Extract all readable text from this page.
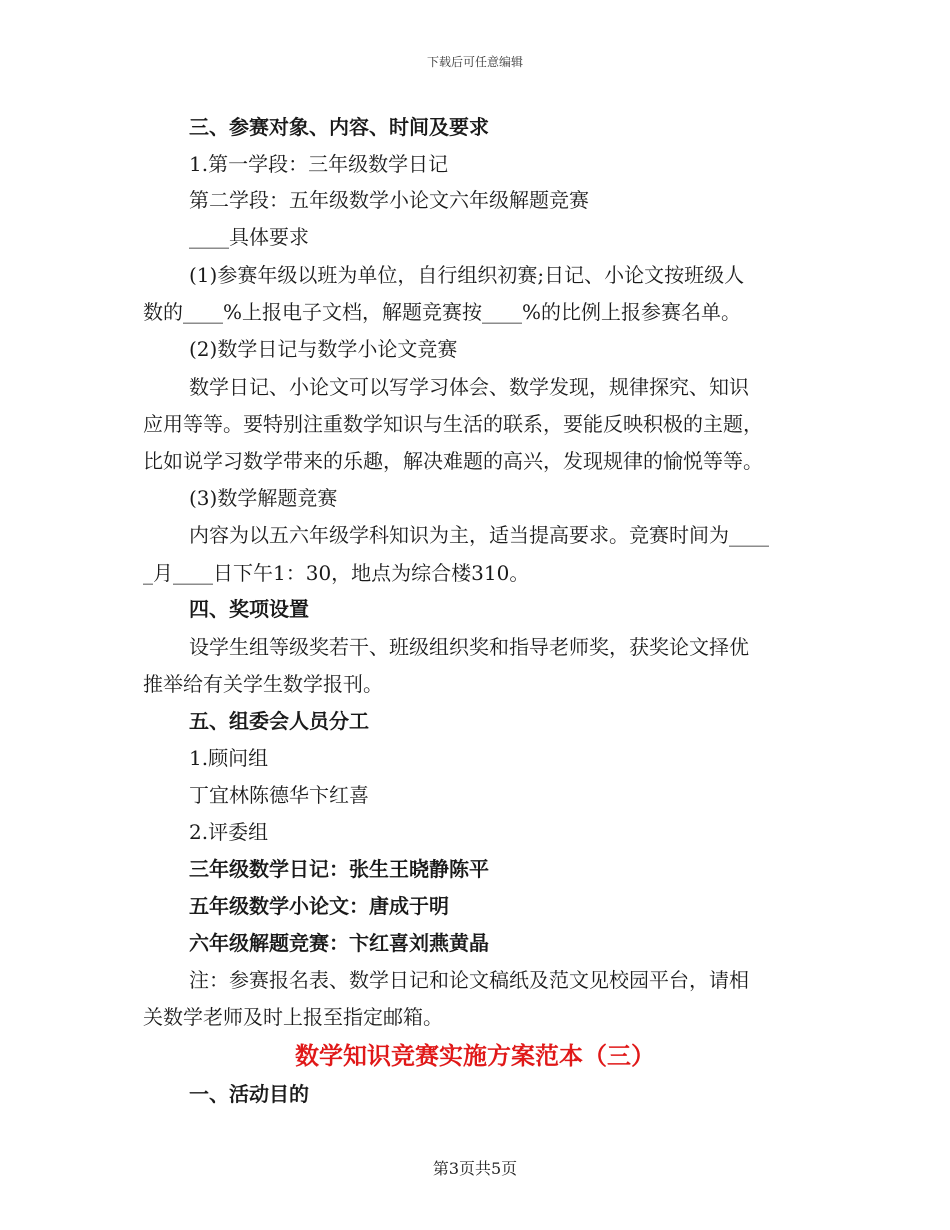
下载后可任意编辑
三、参赛对象、内容、时间及要求
1.第一学段：三年级数学日记
第二学段：五年级数学小论文六年级解题竞赛
____具体要求
(1)参赛年级以班为单位，自行组织初赛;日记、小论文按班级人
数的____%上报电子文档，解题竞赛按____%的比例上报参赛名单。
(2)数学日记与数学小论文竞赛
数学日记、小论文可以写学习体会、数学发现，规律探究、知识
应用等等。要特别注重数学知识与生活的联系，要能反映积极的主题，
比如说学习数学带来的乐趣，解决难题的高兴，发现规律的愉悦等等。
(3)数学解题竞赛
内容为以五六年级学科知识为主，适当提高要求。竞赛时间为____
_月____日下午1：30，地点为综合楼310。
四、奖项设置
设学生组等级奖若干、班级组织奖和指导老师奖，获奖论文择优
推举给有关学生数学报刊。
五、组委会人员分工
1.顾问组
丁宜林陈德华卞红喜
2.评委组
三年级数学日记：张生王晓静陈平
五年级数学小论文：唐成于明
六年级解题竞赛：卞红喜刘燕黄晶
注：参赛报名表、数学日记和论文稿纸及范文见校园平台，请相
关数学老师及时上报至指定邮箱。
数学知识竞赛实施方案范本（三）
一、活动目的
第3页共5页
